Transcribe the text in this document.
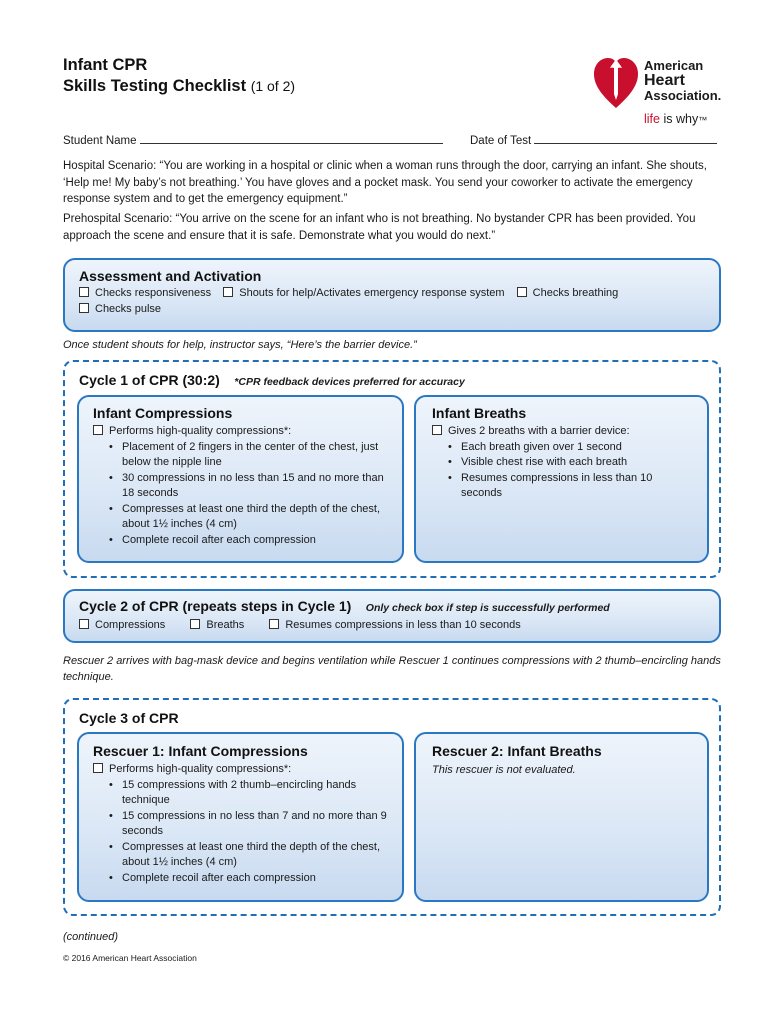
Infant CPR
Skills Testing Checklist (1 of 2)
American
Heart
Association.
life is why™
Student Name	Date of Test
Hospital Scenario: “You are working in a hospital or clinic when a woman runs through the door, carrying an infant. She shouts, ‘Help me! My baby’s not breathing.’ You have gloves and a pocket mask. You send your coworker to activate the emergency response system and to get the emergency equipment.”
Prehospital Scenario: “You arrive on the scene for an infant who is not breathing. No bystander CPR has been provided. You approach the scene and ensure that it is safe. Demonstrate what you would do next.”
Assessment and Activation
Checks responsiveness	Shouts for help/Activates emergency response system	Checks breathing
Checks pulse
Once student shouts for help, instructor says, “Here’s the barrier device.”
Cycle 1 of CPR (30:2) *CPR feedback devices preferred for accuracy
Infant Compressions
Performs high-quality compressions*:
• Placement of 2 fingers in the center of the chest, just below the nipple line
• 30 compressions in no less than 15 and no more than 18 seconds
• Compresses at least one third the depth of the chest, about 1½ inches (4 cm)
• Complete recoil after each compression
Infant Breaths
Gives 2 breaths with a barrier device:
• Each breath given over 1 second
• Visible chest rise with each breath
• Resumes compressions in less than 10 seconds
Cycle 2 of CPR (repeats steps in Cycle 1) Only check box if step is successfully performed
Compressions	Breaths	Resumes compressions in less than 10 seconds
Rescuer 2 arrives with bag-mask device and begins ventilation while Rescuer 1 continues compressions with 2 thumb–encircling hands technique.
Cycle 3 of CPR
Rescuer 1: Infant Compressions
Performs high-quality compressions*:
• 15 compressions with 2 thumb–encircling hands technique
• 15 compressions in no less than 7 and no more than 9 seconds
• Compresses at least one third the depth of the chest, about 1½ inches (4 cm)
• Complete recoil after each compression
Rescuer 2: Infant Breaths
This rescuer is not evaluated.
(continued)
© 2016 American Heart Association
